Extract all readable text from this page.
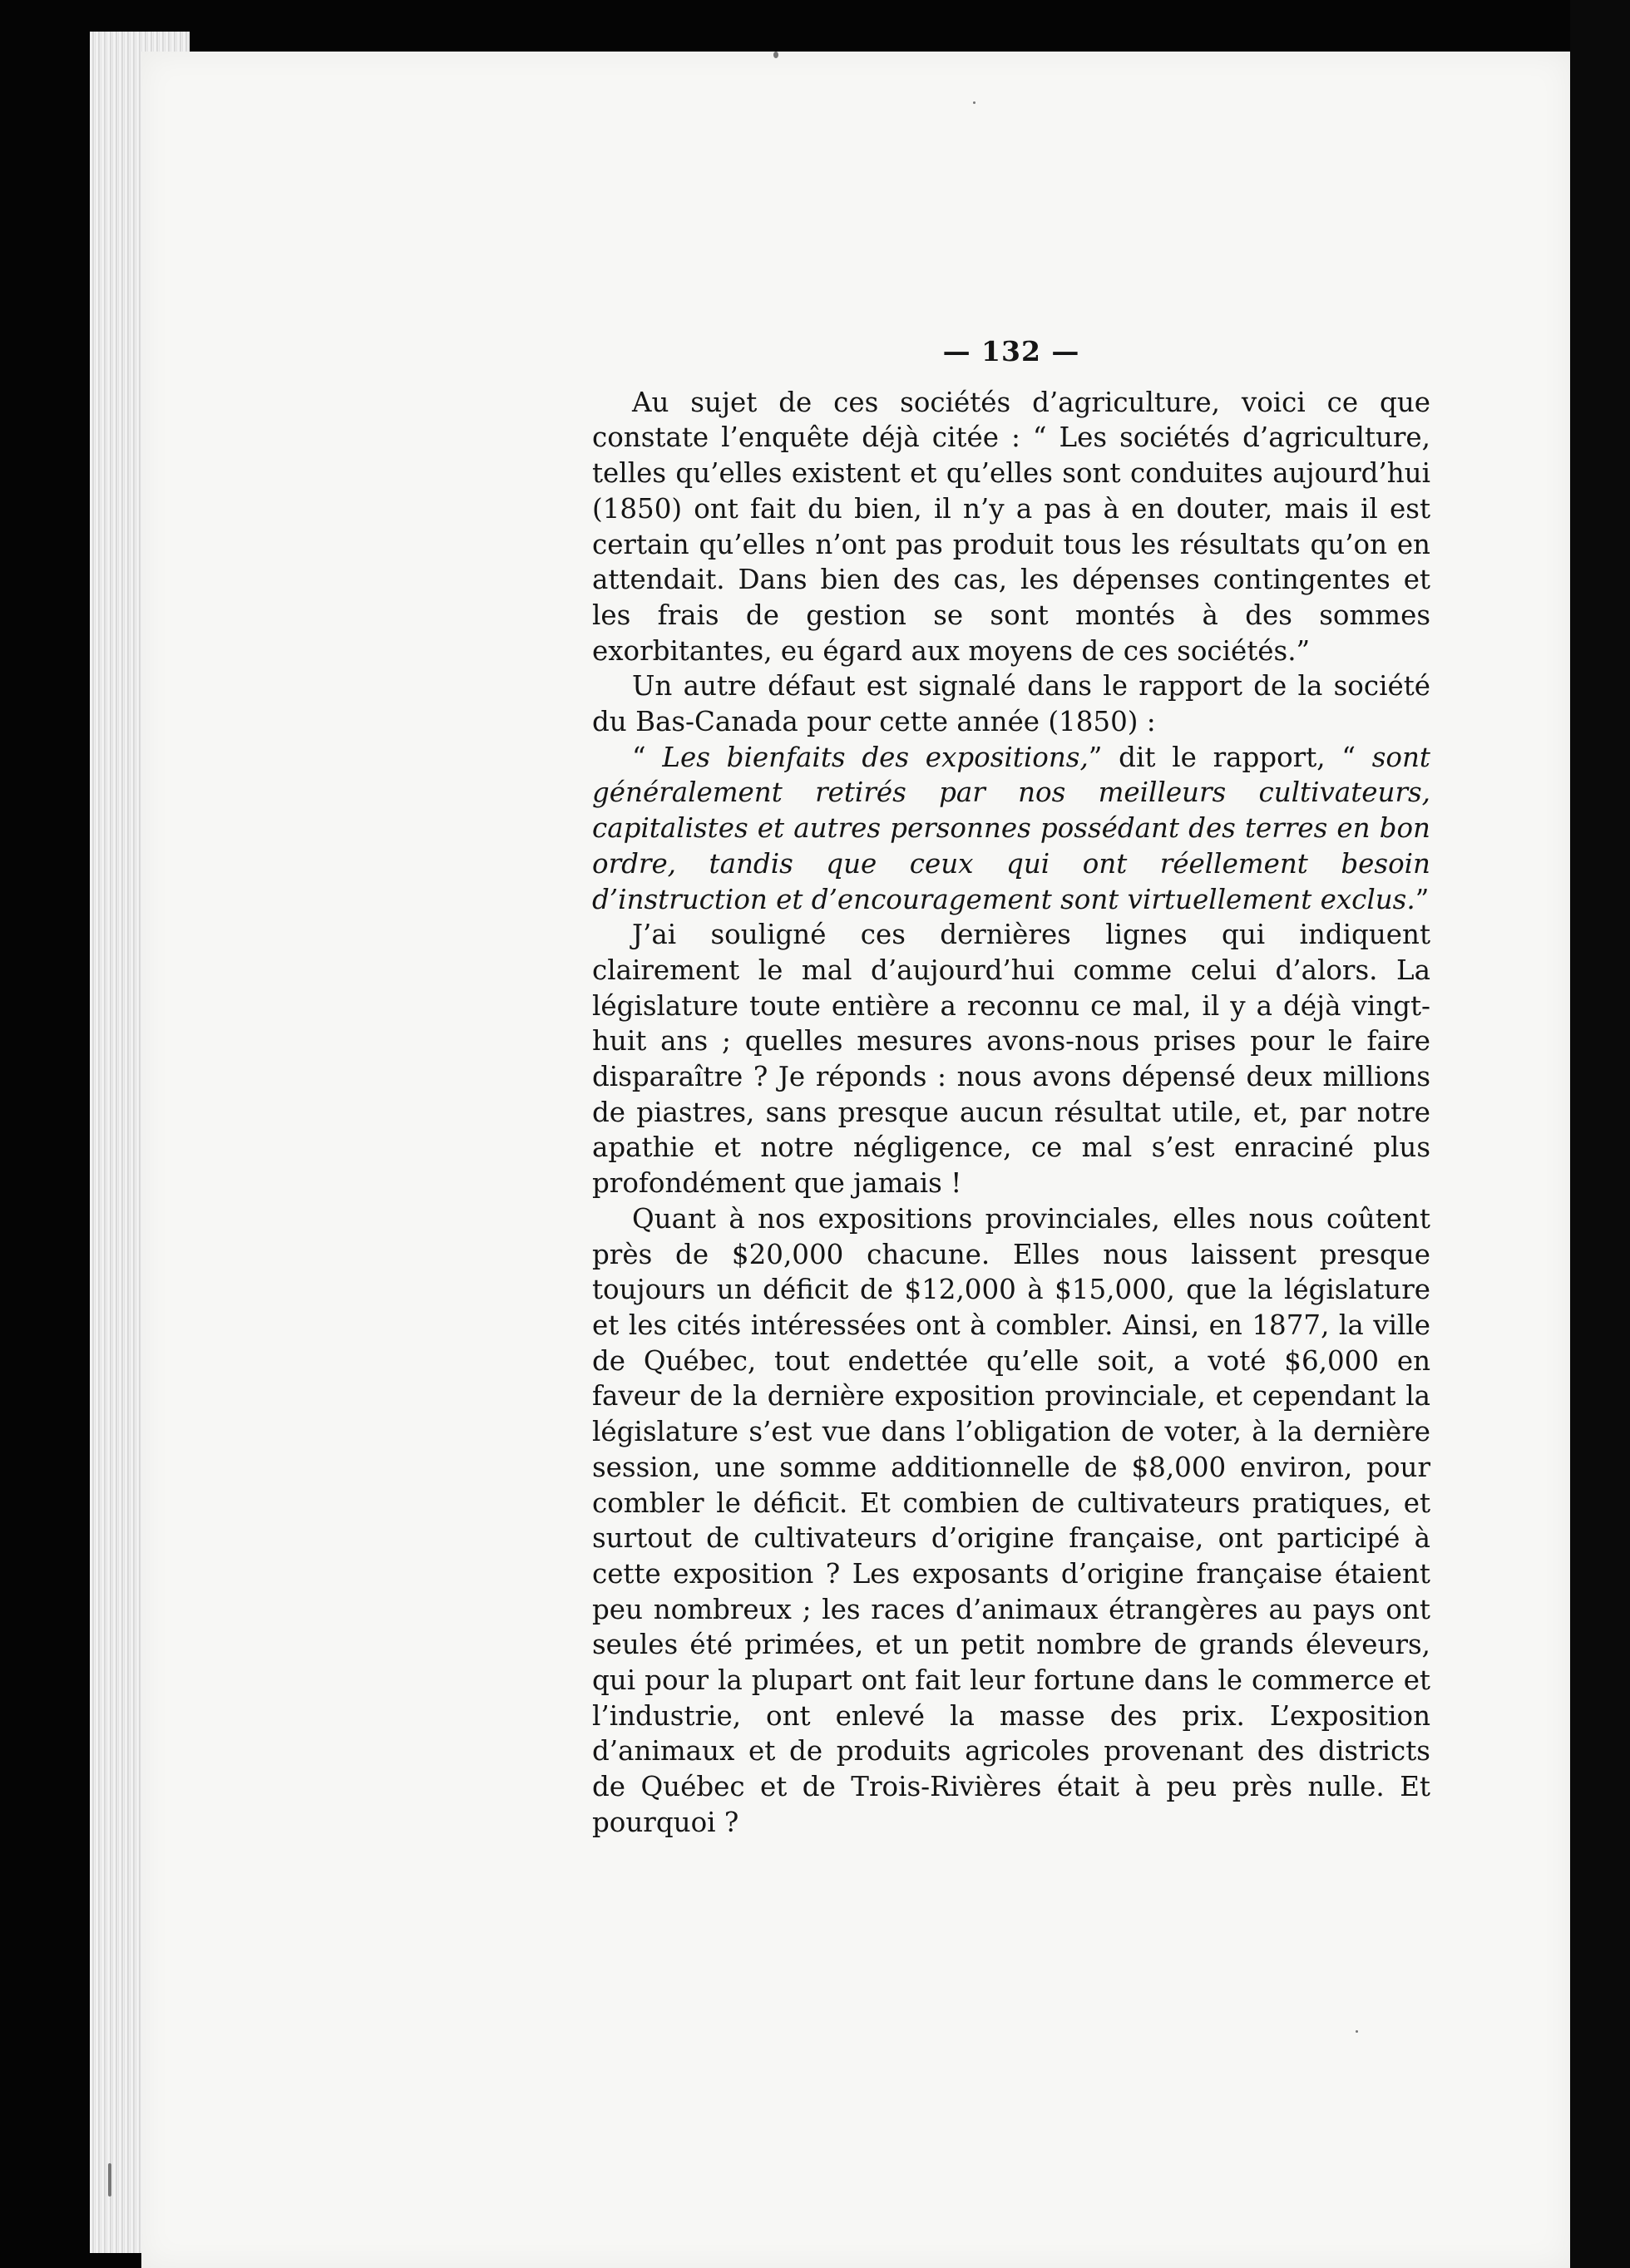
— 132 —

Au sujet de ces sociétés d’agriculture, voici ce que constate l’enquête déjà citée : “ Les sociétés d’agriculture, telles qu’elles existent et qu’elles sont conduites aujourd’hui (1850) ont fait du bien, il n’y a pas à en douter, mais il est certain qu’elles n’ont pas produit tous les résultats qu’on en attendait. Dans bien des cas, les dépenses contingentes et les frais de gestion se sont montés à des sommes exorbitantes, eu égard aux moyens de ces sociétés.”

Un autre défaut est signalé dans le rapport de la société du Bas-Canada pour cette année (1850) :

“ Les bienfaits des expositions,” dit le rapport, “ sont généralement retirés par nos meilleurs cultivateurs, capitalistes et autres personnes possédant des terres en bon ordre, tandis que ceux qui ont réellement besoin d’instruction et d’encouragement sont virtuellement exclus.”

J’ai souligné ces dernières lignes qui indiquent clairement le mal d’aujourd’hui comme celui d’alors. La législature toute entière a reconnu ce mal, il y a déjà vingt-huit ans ; quelles mesures avons-nous prises pour le faire disparaître ? Je réponds : nous avons dépensé deux millions de piastres, sans presque aucun résultat utile, et, par notre apathie et notre négligence, ce mal s’est enraciné plus profondément que jamais !

Quant à nos expositions provinciales, elles nous coûtent près de $20,000 chacune. Elles nous laissent presque toujours un déficit de $12,000 à $15,000, que la législature et les cités intéressées ont à combler. Ainsi, en 1877, la ville de Québec, tout endettée qu’elle soit, a voté $6,000 en faveur de la dernière exposition provinciale, et cependant la législature s’est vue dans l’obligation de voter, à la dernière session, une somme additionnelle de $8,000 environ, pour combler le déficit. Et combien de cultivateurs pratiques, et surtout de cultivateurs d’origine française, ont participé à cette exposition ? Les exposants d’origine française étaient peu nombreux ; les races d’animaux étrangères au pays ont seules été primées, et un petit nombre de grands éleveurs, qui pour la plupart ont fait leur fortune dans le commerce et l’industrie, ont enlevé la masse des prix. L’exposition d’animaux et de produits agricoles provenant des districts de Québec et de Trois-Rivières était à peu près nulle. Et pourquoi ?
